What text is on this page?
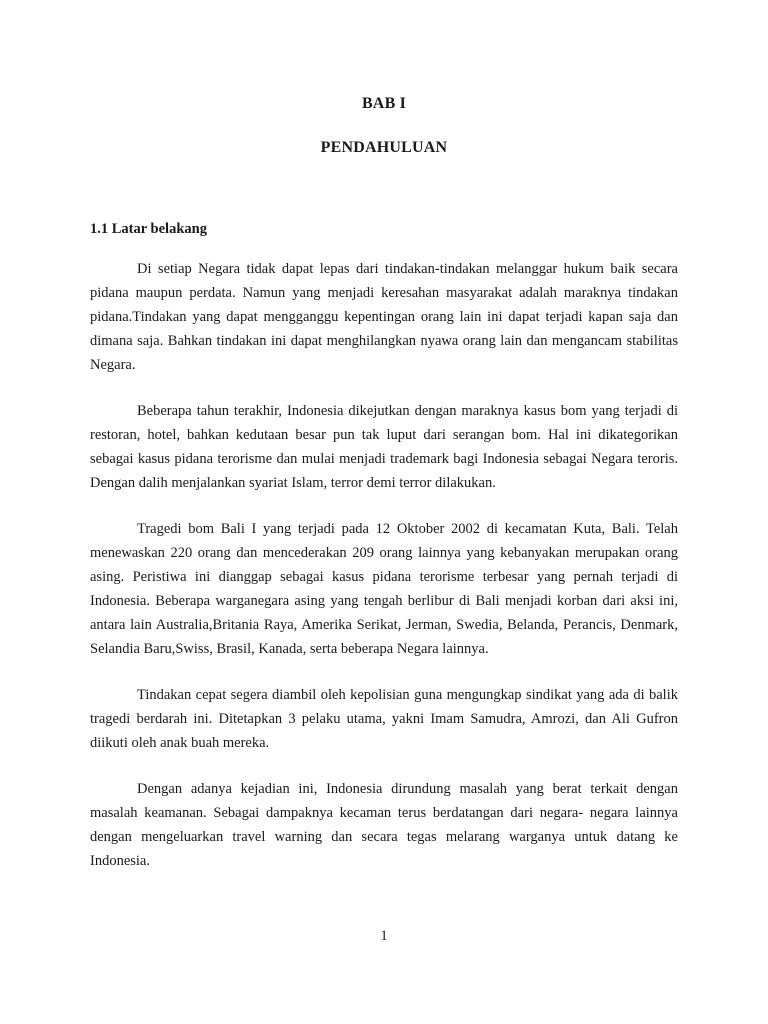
BAB I
PENDAHULUAN
1.1 Latar belakang

Di setiap Negara tidak dapat lepas dari tindakan-tindakan melanggar hukum baik secara pidana maupun perdata. Namun yang menjadi keresahan masyarakat adalah maraknya tindakan pidana.Tindakan yang dapat mengganggu kepentingan orang lain ini dapat terjadi kapan saja dan dimana saja. Bahkan tindakan ini dapat menghilangkan nyawa orang lain dan mengancam stabilitas Negara.

Beberapa tahun terakhir, Indonesia dikejutkan dengan maraknya kasus bom yang terjadi di restoran, hotel, bahkan kedutaan besar pun tak luput dari serangan bom. Hal ini dikategorikan sebagai kasus pidana terorisme dan mulai menjadi trademark bagi Indonesia sebagai Negara teroris. Dengan dalih menjalankan syariat Islam, terror demi terror dilakukan.

Tragedi bom Bali I yang terjadi pada 12 Oktober 2002 di kecamatan Kuta, Bali. Telah menewaskan 220 orang dan mencederakan 209 orang lainnya yang kebanyakan merupakan orang asing. Peristiwa ini dianggap sebagai kasus pidana terorisme terbesar yang pernah terjadi di Indonesia. Beberapa warganegara asing yang tengah berlibur di Bali menjadi korban dari aksi ini, antara lain Australia,Britania Raya, Amerika Serikat, Jerman, Swedia, Belanda, Perancis, Denmark, Selandia Baru,Swiss, Brasil, Kanada, serta beberapa Negara lainnya.

Tindakan cepat segera diambil oleh kepolisian guna mengungkap sindikat yang ada di balik tragedi berdarah ini. Ditetapkan 3 pelaku utama, yakni Imam Samudra, Amrozi, dan Ali Gufron diikuti oleh anak buah mereka.

Dengan adanya kejadian ini, Indonesia dirundung masalah yang berat terkait dengan masalah keamanan. Sebagai dampaknya kecaman terus berdatangan dari negara- negara lainnya dengan mengeluarkan travel warning dan secara tegas melarang warganya untuk datang ke Indonesia.

1
